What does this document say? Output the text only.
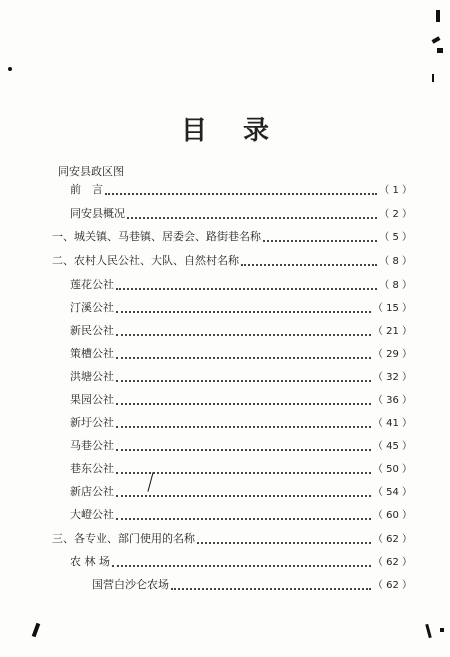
目 录
同安县政区图
前　言	（ 1 ）
同安县概况	（ 2 ）
一、城关镇、马巷镇、居委会、路街巷名称	（ 5 ）
二、农村人民公社、大队、自然村名称	（ 8 ）
莲花公社	（ 8 ）
汀溪公社	（ 15 ）
新民公社	（ 21 ）
策槽公社	（ 29 ）
洪塘公社	（ 32 ）
果园公社	（ 36 ）
新圩公社	（ 41 ）
马巷公社	（ 45 ）
巷东公社	（ 50 ）
新店公社	（ 54 ）
大嶝公社	（ 60 ）
三、各专业、部门使用的名称	（ 62 ）
农 林 场	（ 62 ）
国营白沙仑农场	（ 62 ）
